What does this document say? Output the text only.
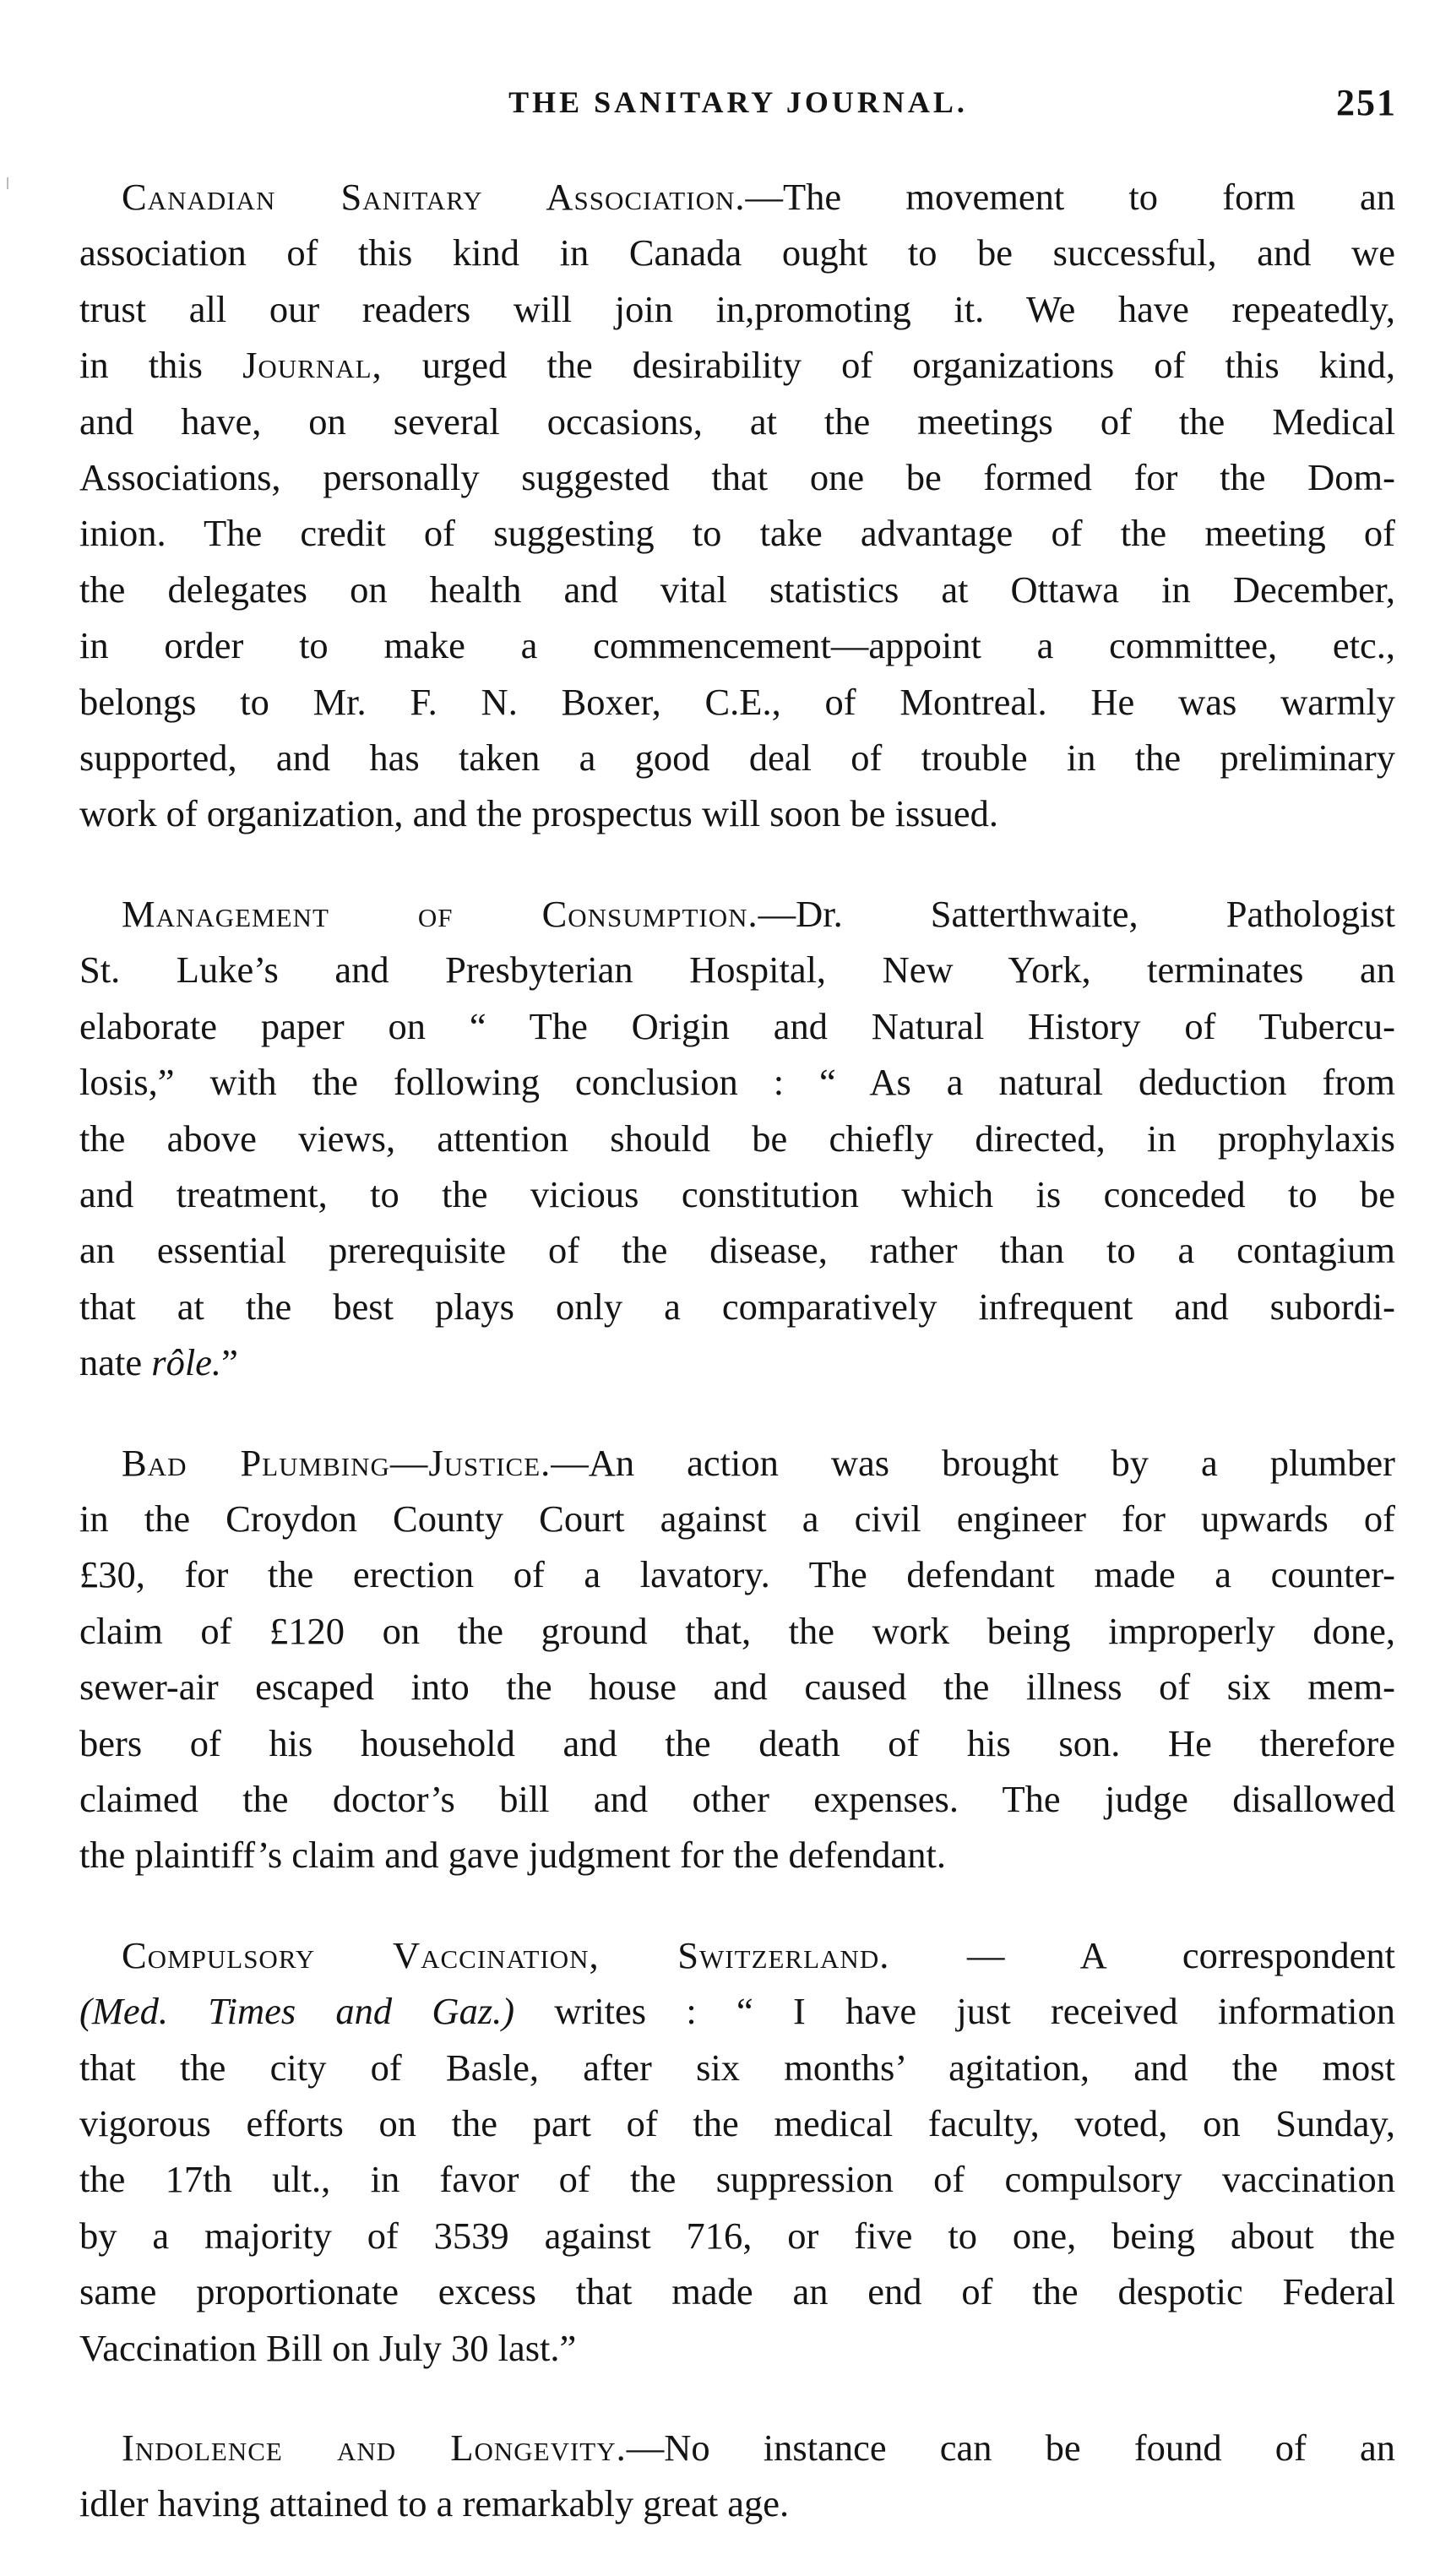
THE SANITARY JOURNAL.	251
Canadian Sanitary Association.—The movement to form an
association of this kind in Canada ought to be successful, and we
trust all our readers will join in,promoting it. We have repeatedly,
in this Journal, urged the desirability of organizations of this kind,
and have, on several occasions, at the meetings of the Medical
Associations, personally suggested that one be formed for the Dom-
inion. The credit of suggesting to take advantage of the meeting of
the delegates on health and vital statistics at Ottawa in December,
in order to make a commencement—appoint a committee, etc.,
belongs to Mr. F. N. Boxer, C.E., of Montreal. He was warmly
supported, and has taken a good deal of trouble in the preliminary
work of organization, and the prospectus will soon be issued.
Management of Consumption.—Dr. Satterthwaite, Pathologist
St. Luke’s and Presbyterian Hospital, New York, terminates an
elaborate paper on “ The Origin and Natural History of Tubercu-
losis,” with the following conclusion : “ As a natural deduction from
the above views, attention should be chiefly directed, in prophylaxis
and treatment, to the vicious constitution which is conceded to be
an essential prerequisite of the disease, rather than to a contagium
that at the best plays only a comparatively infrequent and subordi-
nate rôle.”
Bad Plumbing—Justice.—An action was brought by a plumber
in the Croydon County Court against a civil engineer for upwards of
£30, for the erection of a lavatory. The defendant made a counter-
claim of £120 on the ground that, the work being improperly done,
sewer-air escaped into the house and caused the illness of six mem-
bers of his household and the death of his son. He therefore
claimed the doctor’s bill and other expenses. The judge disallowed
the plaintiff’s claim and gave judgment for the defendant.
Compulsory Vaccination, Switzerland. — A correspondent
(Med. Times and Gaz.) writes : “ I have just received information
that the city of Basle, after six months’ agitation, and the most
vigorous efforts on the part of the medical faculty, voted, on Sunday,
the 17th ult., in favor of the suppression of compulsory vaccination
by a majority of 3539 against 716, or five to one, being about the
same proportionate excess that made an end of the despotic Federal
Vaccination Bill on July 30 last.”
Indolence and Longevity.—No instance can be found of an
idler having attained to a remarkably great age.
